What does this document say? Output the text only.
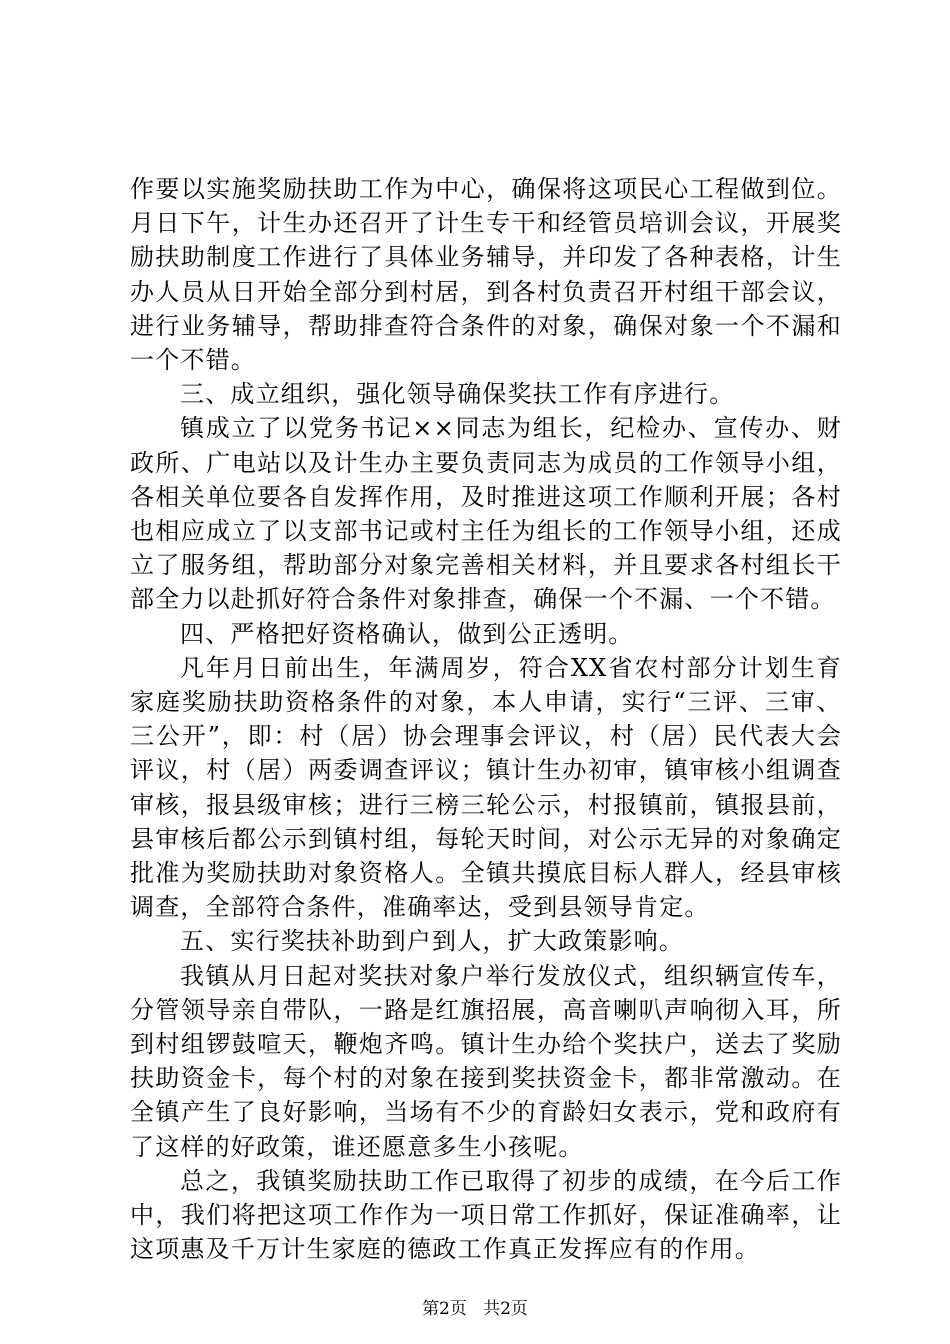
作要以实施奖励扶助工作为中心，确保将这项民心工程做到位。月日下午，计生办还召开了计生专干和经管员培训会议，开展奖励扶助制度工作进行了具体业务辅导，并印发了各种表格，计生办人员从日开始全部分到村居，到各村负责召开村组干部会议，进行业务辅导，帮助排查符合条件的对象，确保对象一个不漏和一个不错。

三、成立组织，强化领导确保奖扶工作有序进行。

镇成立了以党务书记××同志为组长，纪检办、宣传办、财政所、广电站以及计生办主要负责同志为成员的工作领导小组，各相关单位要各自发挥作用，及时推进这项工作顺利开展；各村也相应成立了以支部书记或村主任为组长的工作领导小组，还成立了服务组，帮助部分对象完善相关材料，并且要求各村组长干部全力以赴抓好符合条件对象排查，确保一个不漏、一个不错。

四、严格把好资格确认，做到公正透明。

凡年月日前出生，年满周岁，符合XX省农村部分计划生育家庭奖励扶助资格条件的对象，本人申请，实行“三评、三审、三公开”，即：村（居）协会理事会评议，村（居）民代表大会评议，村（居）两委调查评议；镇计生办初审，镇审核小组调查审核，报县级审核；进行三榜三轮公示，村报镇前，镇报县前，县审核后都公示到镇村组，每轮天时间，对公示无异的对象确定批准为奖励扶助对象资格人。全镇共摸底目标人群人，经县审核调查，全部符合条件，准确率达，受到县领导肯定。

五、实行奖扶补助到户到人，扩大政策影响。

我镇从月日起对奖扶对象户举行发放仪式，组织辆宣传车，分管领导亲自带队，一路是红旗招展，高音喇叭声响彻入耳，所到村组锣鼓喧天，鞭炮齐鸣。镇计生办给个奖扶户，送去了奖励扶助资金卡，每个村的对象在接到奖扶资金卡，都非常激动。在全镇产生了良好影响，当场有不少的育龄妇女表示，党和政府有了这样的好政策，谁还愿意多生小孩呢。

总之，我镇奖励扶助工作已取得了初步的成绩，在今后工作中，我们将把这项工作作为一项日常工作抓好，保证准确率，让这项惠及千万计生家庭的德政工作真正发挥应有的作用。

第2页 共2页
